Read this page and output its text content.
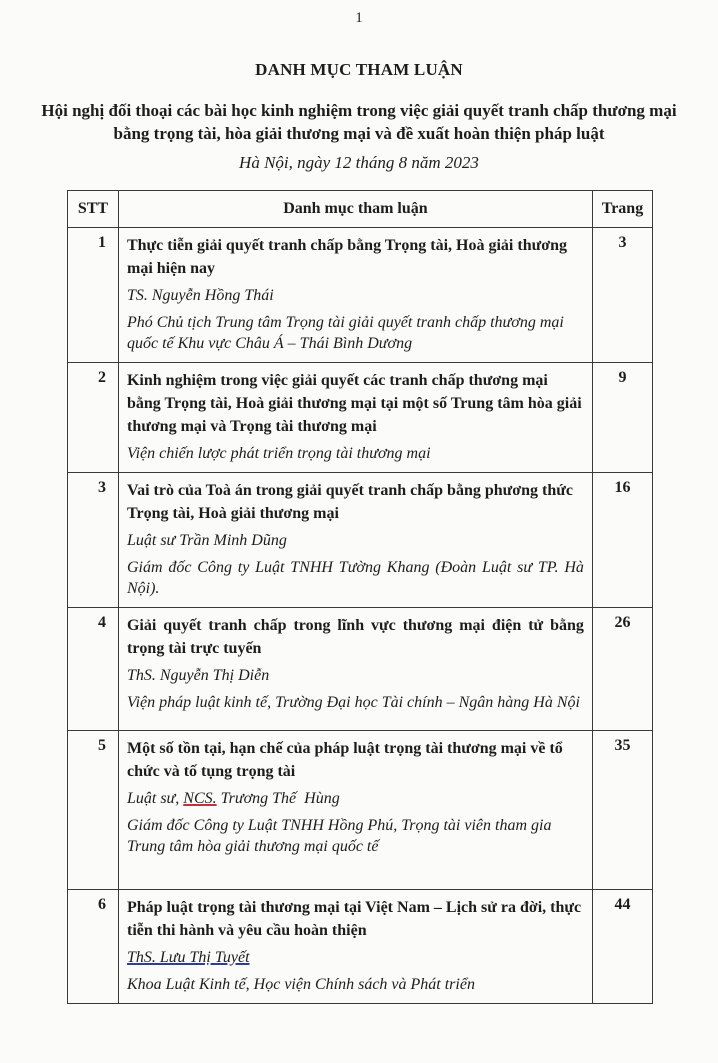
1
DANH MỤC THAM LUẬN
Hội nghị đối thoại các bài học kinh nghiệm trong việc giải quyết tranh chấp thương mại bằng trọng tài, hòa giải thương mại và đề xuất hoàn thiện pháp luật
Hà Nội, ngày 12 tháng 8 năm 2023
STT	Danh mục tham luận	Trang
1	Thực tiễn giải quyết tranh chấp bằng Trọng tài, Hoà giải thương mại hiện nay
TS. Nguyễn Hồng Thái
Phó Chủ tịch Trung tâm Trọng tài giải quyết tranh chấp thương mại quốc tế Khu vực Châu Á – Thái Bình Dương	3
2	Kinh nghiệm trong việc giải quyết các tranh chấp thương mại bằng Trọng tài, Hoà giải thương mại tại một số Trung tâm hòa giải thương mại và Trọng tài thương mại
Viện chiến lược phát triển trọng tài thương mại	9
3	Vai trò của Toà án trong giải quyết tranh chấp bằng phương thức Trọng tài, Hoà giải thương mại
Luật sư Trần Minh Dũng
Giám đốc Công ty Luật TNHH Tường Khang (Đoàn Luật sư TP. Hà Nội).	16
4	Giải quyết tranh chấp trong lĩnh vực thương mại điện tử bằng trọng tài trực tuyến
ThS. Nguyễn Thị Diễn
Viện pháp luật kinh tế, Trường Đại học Tài chính – Ngân hàng Hà Nội	26
5	Một số tồn tại, hạn chế của pháp luật trọng tài thương mại về tổ chức và tố tụng trọng tài
Luật sư, NCS. Trương Thế  Hùng
Giám đốc Công ty Luật TNHH Hồng Phú, Trọng tài viên tham gia Trung tâm hòa giải thương mại quốc tế	35
6	Pháp luật trọng tài thương mại tại Việt Nam – Lịch sử ra đời, thực tiễn thi hành và yêu cầu hoàn thiện
ThS. Lưu Thị Tuyết
Khoa Luật Kinh tế, Học viện Chính sách và Phát triển	44
